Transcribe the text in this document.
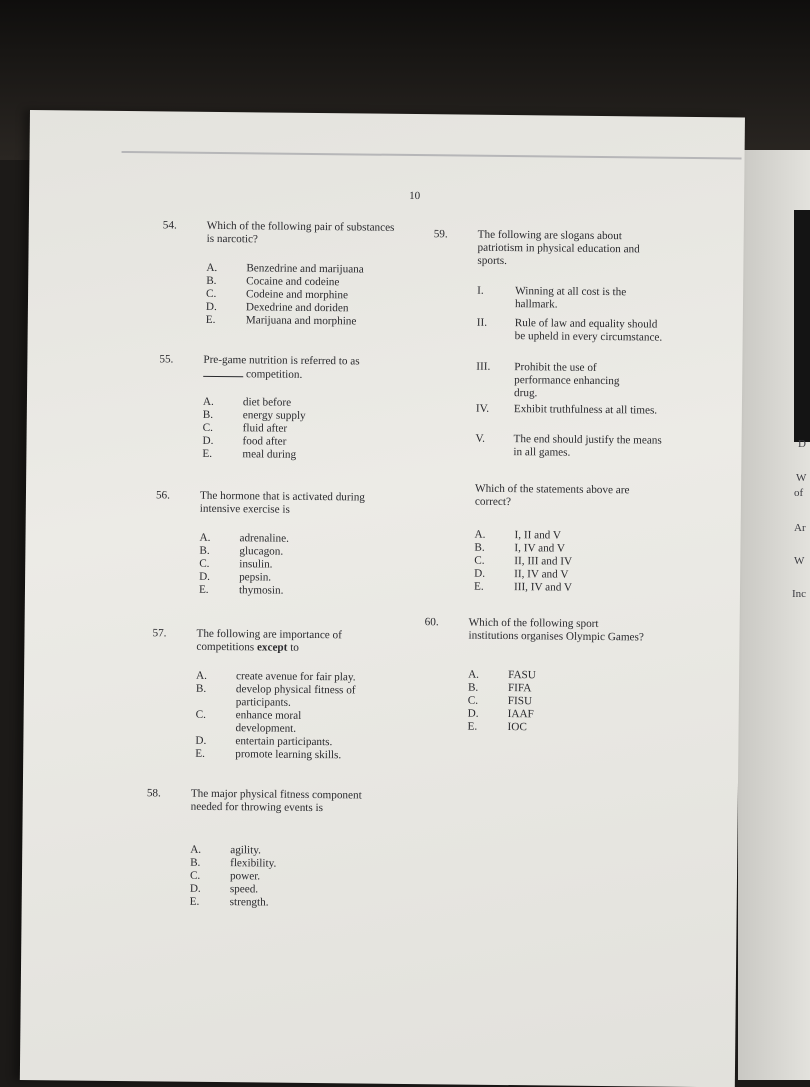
D
W
of
Ar
W
Inc
10
54.	Which of the following pair of substances is narcotic?
A.	Benzedrine and marijuana
B.	Cocaine and codeine
C.	Codeine and morphine
D.	Dexedrine and doriden
E.	Marijuana and morphine
55.	Pre-game nutrition is referred to as
competition.
A.	diet before
B.	energy supply
C.	fluid after
D.	food after
E.	meal during
56.	The hormone that is activated during intensive exercise is
A.	adrenaline.
B.	glucagon.
C.	insulin.
D.	pepsin.
E.	thymosin.
57.	The following are importance of competitions except to
A.	create avenue for fair play.
B.	develop physical fitness of participants.
C.	enhance moral development.
D.	entertain participants.
E.	promote learning skills.
58.	The major physical fitness component needed for throwing events is
A.	agility.
B.	flexibility.
C.	power.
D.	speed.
E.	strength.
59.	The following are slogans about patriotism in physical education and sports.
I.	Winning at all cost is the hallmark.
II. Rule of law and equality should be upheld in every circumstance.
III. Prohibit the use of performance enhancing drug.
IV. Exhibit truthfulness at all times.
V.	The end should justify the means in all games.
Which of the statements above are correct?
A.	I, II and V
B.	I, IV and V
C.	II, III and IV
D.	II, IV and V
E.	III, IV and V
60.	Which of the following sport institutions organises Olympic Games?
A.	FASU
B.	FIFA
C.	FISU
D.	IAAF
E.	IOC
